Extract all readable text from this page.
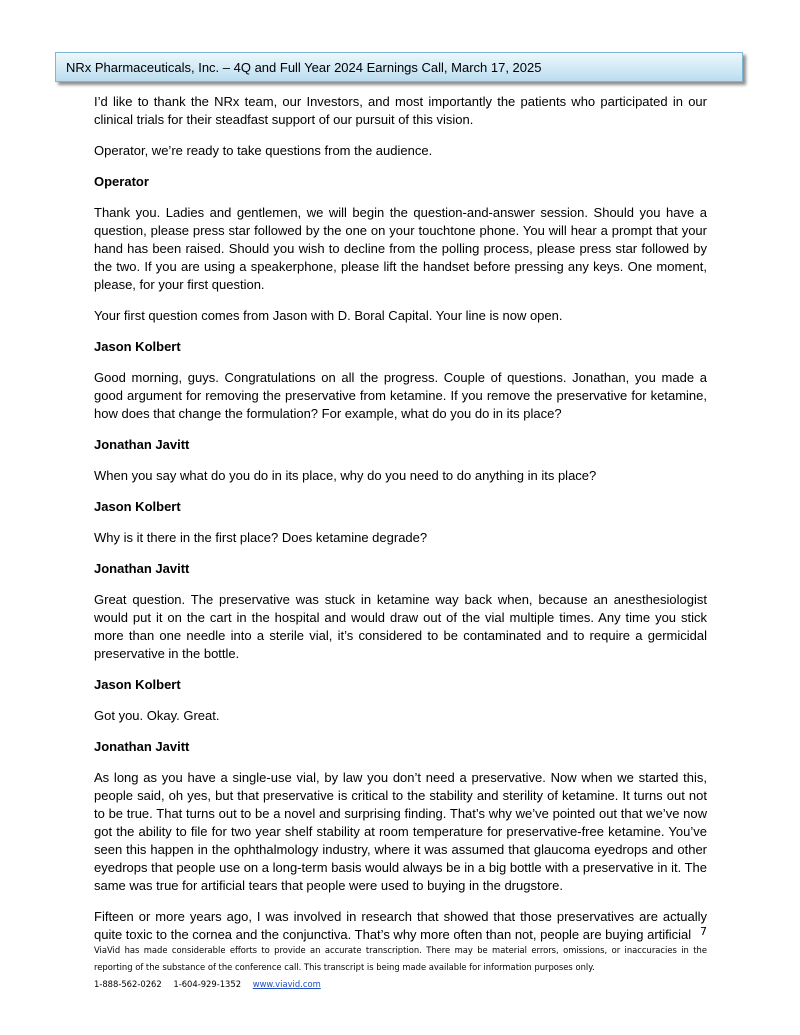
NRx Pharmaceuticals, Inc. – 4Q and Full Year 2024 Earnings Call, March 17, 2025

I’d like to thank the NRx team, our Investors, and most importantly the patients who participated in our clinical trials for their steadfast support of our pursuit of this vision.

Operator, we’re ready to take questions from the audience.

Operator

Thank you. Ladies and gentlemen, we will begin the question-and-answer session. Should you have a question, please press star followed by the one on your touchtone phone. You will hear a prompt that your hand has been raised. Should you wish to decline from the polling process, please press star followed by the two. If you are using a speakerphone, please lift the handset before pressing any keys. One moment, please, for your first question.

Your first question comes from Jason with D. Boral Capital. Your line is now open.

Jason Kolbert

Good morning, guys. Congratulations on all the progress. Couple of questions. Jonathan, you made a good argument for removing the preservative from ketamine. If you remove the preservative for ketamine, how does that change the formulation? For example, what do you do in its place?

Jonathan Javitt

When you say what do you do in its place, why do you need to do anything in its place?

Jason Kolbert

Why is it there in the first place? Does ketamine degrade?

Jonathan Javitt

Great question. The preservative was stuck in ketamine way back when, because an anesthesiologist would put it on the cart in the hospital and would draw out of the vial multiple times. Any time you stick more than one needle into a sterile vial, it’s considered to be contaminated and to require a germicidal preservative in the bottle.

Jason Kolbert

Got you. Okay. Great.

Jonathan Javitt

As long as you have a single-use vial, by law you don’t need a preservative. Now when we started this, people said, oh yes, but that preservative is critical to the stability and sterility of ketamine. It turns out not to be true. That turns out to be a novel and surprising finding. That’s why we’ve pointed out that we’ve now got the ability to file for two year shelf stability at room temperature for preservative-free ketamine. You’ve seen this happen in the ophthalmology industry, where it was assumed that glaucoma eyedrops and other eyedrops that people use on a long-term basis would always be in a big bottle with a preservative in it. The same was true for artificial tears that people were used to buying in the drugstore.

Fifteen or more years ago, I was involved in research that showed that those preservatives are actually quite toxic to the cornea and the conjunctiva. That’s why more often than not, people are buying artificial 7

ViaVid has made considerable efforts to provide an accurate transcription. There may be material errors, omissions, or inaccuracies in the reporting of the substance of the conference call. This transcript is being made available for information purposes only.

1-888-562-0262 1-604-929-1352 www.viavid.com
